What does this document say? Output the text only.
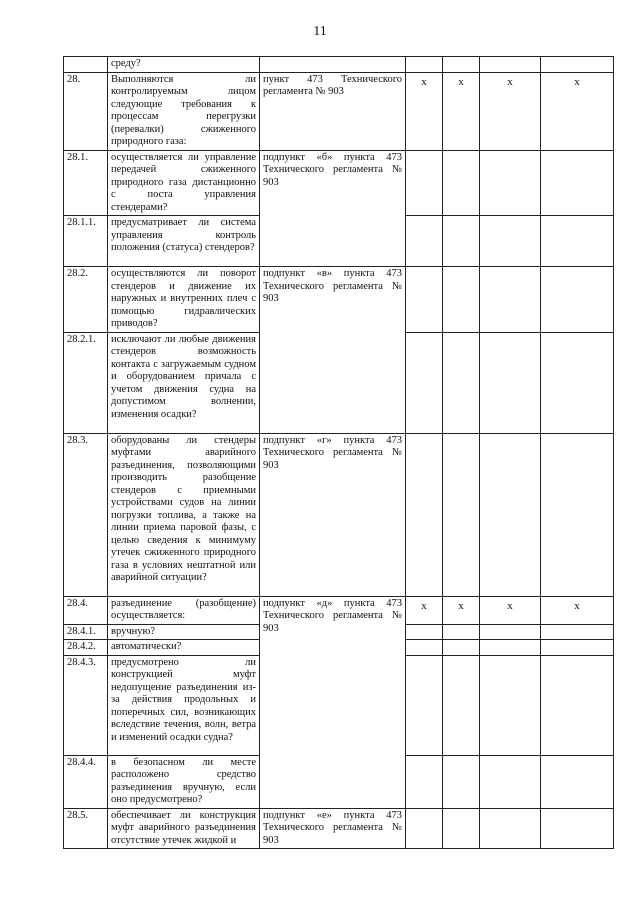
11
	среду?					
28.	Выполняются ли контролируемым лицом следующие требования к процессам перегрузки (перевалки) сжиженного природного газа:	пункт 473 Технического регламента № 903	x	x	x	x
28.1.	осуществляется ли управление передачей сжиженного природного газа дистанционно с поста управления стендерами?	подпункт «б» пункта 473 Технического регламента № 903				
28.1.1.	предусматривает ли система управления контроль положения (статуса) стендеров?					
28.2.	осуществляются ли поворот стендеров и движение их наружных и внутренних плеч с помощью гидравлических приводов?	подпункт «в» пункта 473 Технического регламента № 903				
28.2.1.	исключают ли любые движения стендеров возможность контакта с загружаемым судном и оборудованием причала с учетом движения судна на допустимом волнении, изменения осадки?					
28.3.	оборудованы ли стендеры муфтами аварийного разъединения, позволяющими производить разобщение стендеров с приемными устройствами судов на линии погрузки топлива, а также на линии приема паровой фазы, с целью сведения к минимуму утечек сжиженного природного газа в условиях нештатной или аварийной ситуации?	подпункт «г» пункта 473 Технического регламента № 903				
28.4.	разъединение (разобщение) осуществляется:	подпункт «д» пункта 473 Технического регламента № 903	x	x	x	x
28.4.1.	вручную?					
28.4.2.	автоматически?					
28.4.3.	предусмотрено ли конструкцией муфт недопущение разъединения из-за действия продольных и поперечных сил, возникающих вследствие течения, волн, ветра и изменений осадки судна?					
28.4.4.	в безопасном ли месте расположено средство разъединения вручную, если оно предусмотрено?					
28.5.	обеспечивает ли конструкция муфт аварийного разъединения отсутствие утечек жидкой и	подпункт «е» пункта 473 Технического регламента № 903				
